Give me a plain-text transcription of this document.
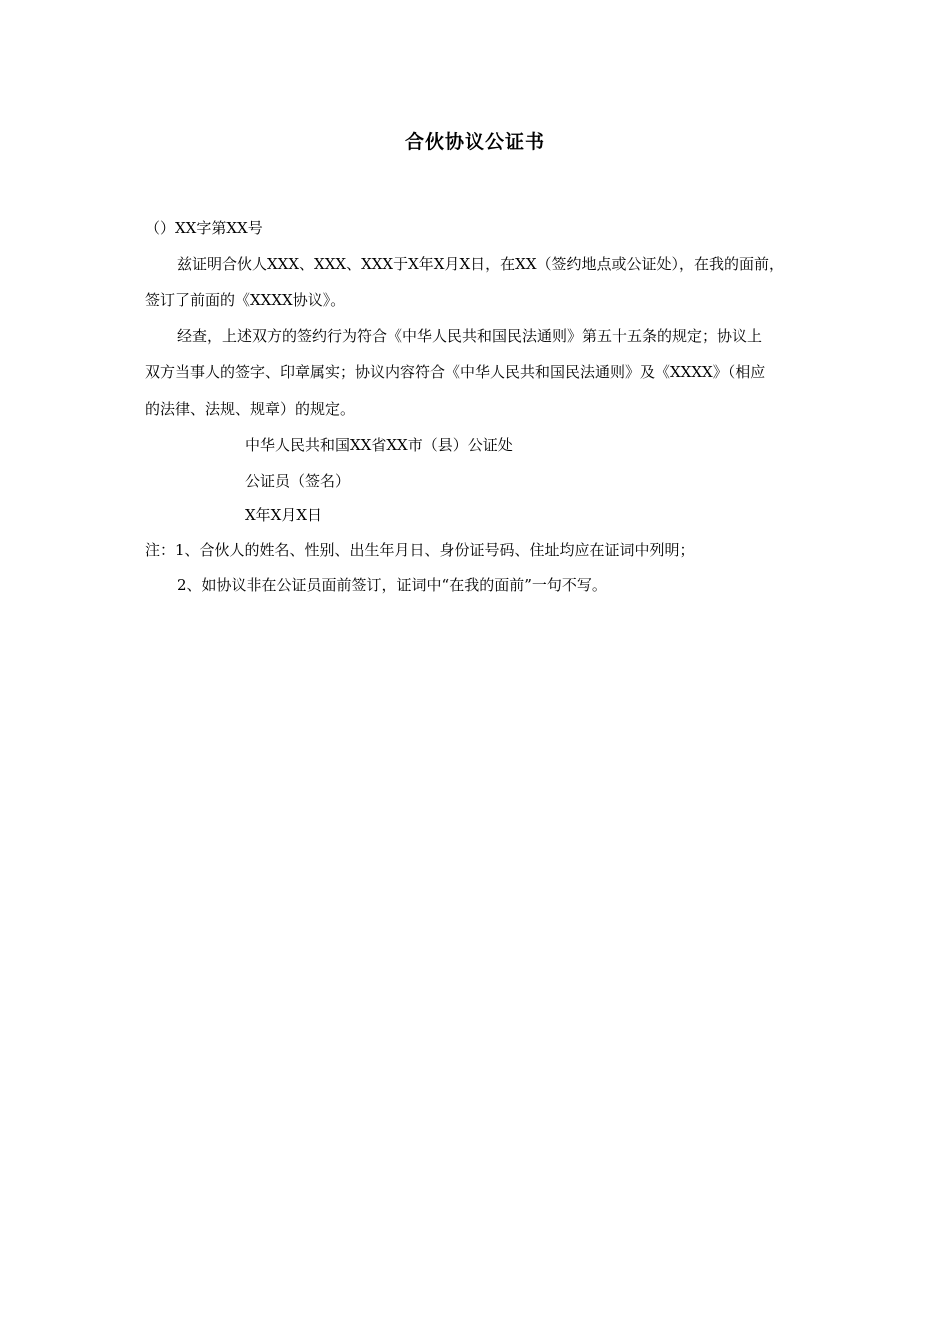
合伙协议公证书
（）XX字第XX号
兹证明合伙人XXX、XXX、XXX于X年X月X日，在XX（签约地点或公证处），在我的面前，
签订了前面的《XXXX协议》。
经查，上述双方的签约行为符合《中华人民共和国民法通则》第五十五条的规定；协议上
双方当事人的签字、印章属实；协议内容符合《中华人民共和国民法通则》及《XXXX》（相应
的法律、法规、规章）的规定。
中华人民共和国XX省XX市（县）公证处
公证员（签名）
X年X月X日
注：1、合伙人的姓名、性别、出生年月日、身份证号码、住址均应在证词中列明；
2、如协议非在公证员面前签订，证词中“在我的面前”一句不写。
